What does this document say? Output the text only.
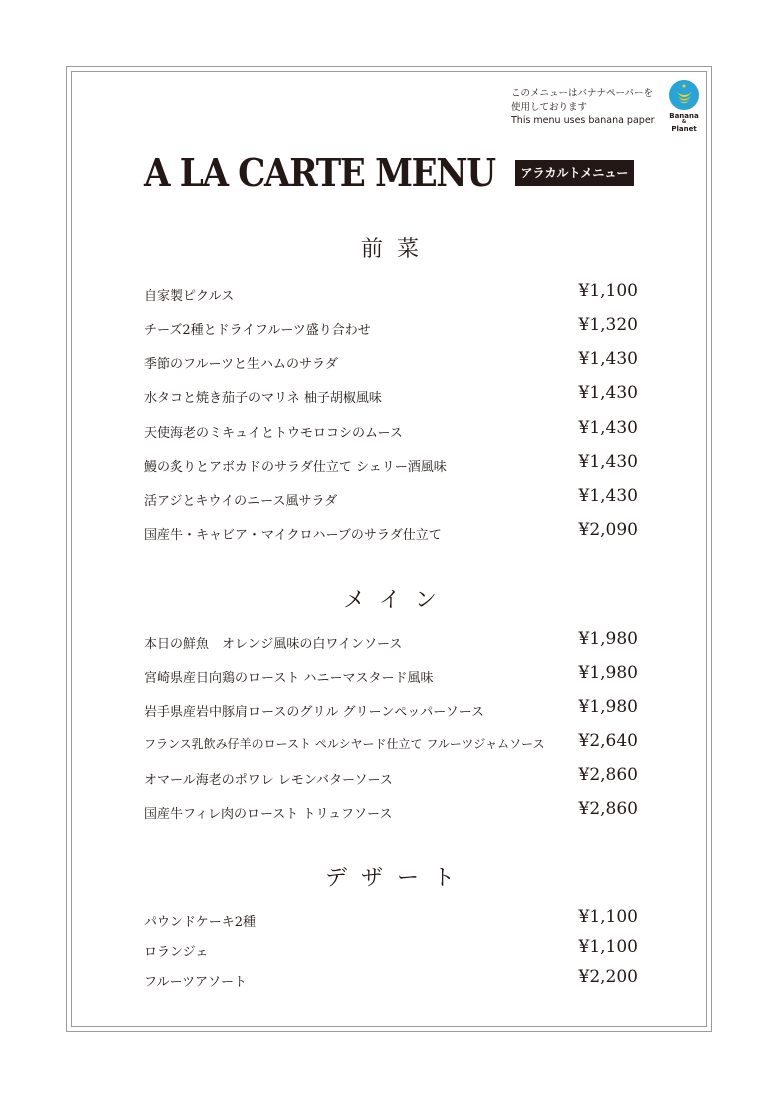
このメニューはバナナペーパーを
使用しております
This menu uses banana paper	Banana
&
Planet
A LA CARTE MENU	アラカルトメニュー
前菜
自家製ピクルス	¥1,100
チーズ2種とドライフルーツ盛り合わせ	¥1,320
季節のフルーツと生ハムのサラダ	¥1,430
水タコと焼き茄子のマリネ 柚子胡椒風味	¥1,430
天使海老のミキュイとトウモロコシのムース	¥1,430
鰻の炙りとアボカドのサラダ仕立て シェリー酒風味	¥1,430
活アジとキウイのニース風サラダ	¥1,430
国産牛・キャビア・マイクロハーブのサラダ仕立て	¥2,090
メイン
本日の鮮魚　オレンジ風味の白ワインソース	¥1,980
宮崎県産日向鶏のロースト ハニーマスタード風味	¥1,980
岩手県産岩中豚肩ロースのグリル グリーンペッパーソース	¥1,980
フランス乳飲み仔羊のロースト ペルシヤード仕立て フルーツジャムソース ¥2,640
オマール海老のポワレ レモンバターソース	¥2,860
国産牛フィレ肉のロースト トリュフソース	¥2,860
デザート
パウンドケーキ2種	¥1,100
ロランジェ	¥1,100
フルーツアソート	¥2,200
